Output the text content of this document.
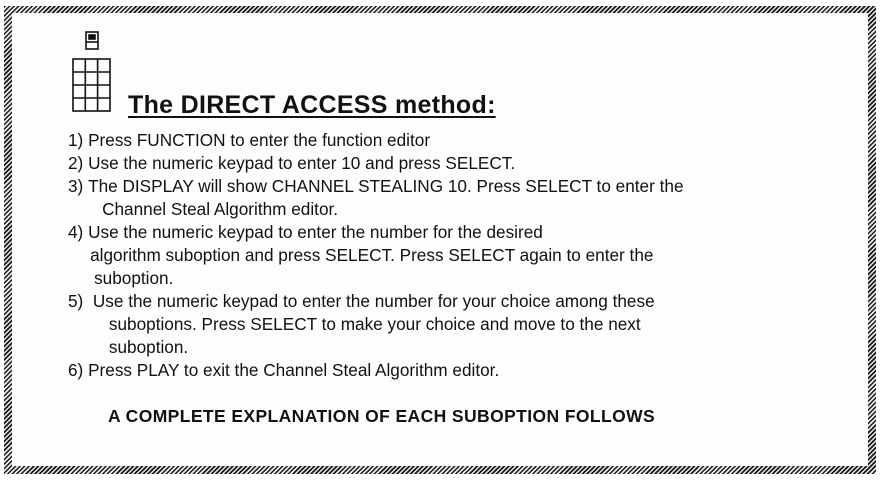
The DIRECT ACCESS method:
1)
Press FUNCTION to enter the function editor
2)
Use the numeric keypad to enter 10 and press SELECT.
3)
The DISPLAY will show CHANNEL STEALING 10. Press SELECT to enter the
Channel Steal Algorithm editor.
4)
Use the numeric keypad to enter the number for the desired
algorithm suboption and press SELECT. Press SELECT again to enter the
suboption.
5)
Use the numeric keypad to enter the number for your choice among these
suboptions. Press SELECT to make your choice and move to the next
suboption.
6)
Press PLAY to exit the Channel Steal Algorithm editor.
A COMPLETE EXPLANATION OF EACH SUBOPTION FOLLOWS
